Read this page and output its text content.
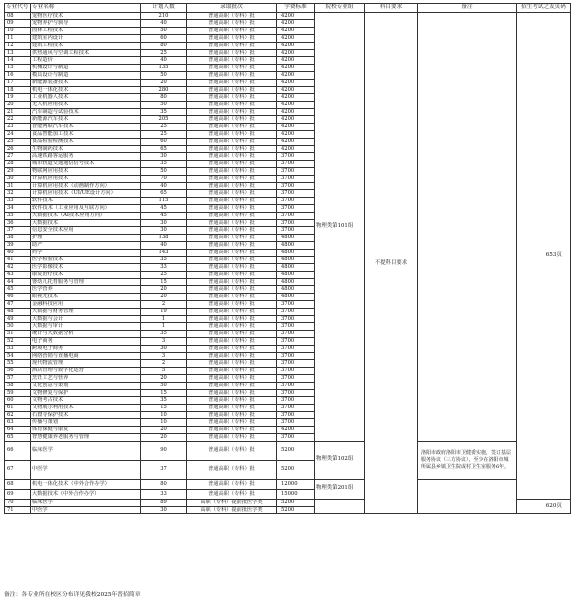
专业代号	专业名称	计划人数	录取批次	学费标准	院校专业组	科目要求	备注	招生考试之友页码
08	宠物医疗技术	210	普通高职（专科）批	4200	物理类第101组	不提科目要求		653页
09	宠物养护与驯导	40	普通高职（专科）批	4200				
10	园林工程技术	50	普通高职（专科）批	4200				
11	建筑室内设计	60	普通高职（专科）批	4200				
12	建筑工程技术	80	普通高职（专科）批	4200				
13	供热通风与空调工程技术	25	普通高职（专科）批	4200				
14	工程造价	40	普通高职（专科）批	4200				
15	机械设计与制造	135	普通高职（专科）批	4200				
16	模具设计与制造	50	普通高职（专科）批	4200				
17	新能源装备技术	20	普通高职（专科）批	4200				
18	机电一体化技术	280	普通高职（专科）批	4200				
19	工业机器人技术	80	普通高职（专科）批	4200				
20	无人机应用技术	50	普通高职（专科）批	4200				
21	汽车制造与试验技术	35	普通高职（专科）批	4200				
22	新能源汽车技术	205	普通高职（专科）批	4200				
23	智能网联汽车技术	25	普通高职（专科）批	4200				
24	食品智能加工技术	25	普通高职（专科）批	4200				
25	食品检验检测技术	60	普通高职（专科）批	4200				
26	生物制药技术	65	普通高职（专科）批	4200				
27	高速铁路客运服务	30	普通高职（专科）批	3700				
28	城市轨道交通通信信号技术	35	普通高职（专科）批	3700				
29	物联网应用技术	50	普通高职（专科）批	3700				
30	计算机应用技术	70	普通高职（专科）批	3700				
31	计算机应用技术（动画制作方向）	40	普通高职（专科）批	3700				
32	计算机应用技术（UI/UE设计方向）	65	普通高职（专科）批	3700				
33	软件技术	115	普通高职（专科）批	3700				
34	软件技术（工业应用及互联方向）	45	普通高职（专科）批	3700				
35	大数据技术（AI技术应用方向）	45	普通高职（专科）批	3700				
36	大数据技术	30	普通高职（专科）批	3700				
37	信息安全技术应用	30	普通高职（专科）批	3700				
38	护理	138	普通高职（专科）批	4800				
39	助产	40	普通高职（专科）批	4800				
40	药学	143	普通高职（专科）批	4800				
41	医学检验技术	35	普通高职（专科）批	4800				
42	医学影像技术	33	普通高职（专科）批	4800				
43	康复治疗技术	25	普通高职（专科）批	4800				
44	婴幼儿托育服务与管理	15	普通高职（专科）批	4800				
45	医学营养	20	普通高职（专科）批	4800				
46	眼视光技术	20	普通高职（专科）批	4800				
47	金融科技应用	2	普通高职（专科）批	3700				
48	大数据与财务管理	19	普通高职（专科）批	3700				
49	大数据与会计	1	普通高职（专科）批	3700				
50	大数据与审计	1	普通高职（专科）批	3700				
51	统计与大数据分析	35	普通高职（专科）批	3700				
52	电子商务	3	普通高职（专科）批	3700				
53	跨境电子商务	30	普通高职（专科）批	3700				
54	网络营销与直播电商	3	普通高职（专科）批	3700				
55	现代物流管理	2	普通高职（专科）批	3700				
56	酒店管理与数字化运营	5	普通高职（专科）批	3700				
57	烹饪工艺与营养	20	普通高职（专科）批	3700				
58	文化创意与策划	50	普通高职（专科）批	3700				
59	文物修复与保护	15	普通高职（专科）批	3700				
60	文物考古技术	35	普通高职（专科）批	3700				
61	文物展示利用技术	15	普通高职（专科）批	3700				
62	石窟寺保护技术	10	普通高职（专科）批	3700				
63	传播与策划	10	普通高职（专科）批	3700				
64	体育保健与康复	20	普通高职（专科）批	4200				
65	智慧健康养老服务与管理	20	普通高职（专科）批	3700				
66	临床医学	90	普通高职（专科）批	5200	物理类第102组		洛阳市政府洛阳市卫健委实施，签订基层服务协议（三方协议），至少在洛阳市城所属县乡镇卫生院或村卫生室服务6年。	
67	中医学	37	普通高职（专科）批	5200				
68	机电一体化技术（中外合作办学）	80	普通高职（专科）批	12000	物理类第201组			
69	大数据技术（中外合作办学）	33	普通高职（专科）批	15000				
70	临床医学	89	高职（专科）提前批医学类	5200				620页
71	中医学	30	高职（专科）提前批医学类	5200				
备注：各专业所在校区分布详见我校2025年普招简章
